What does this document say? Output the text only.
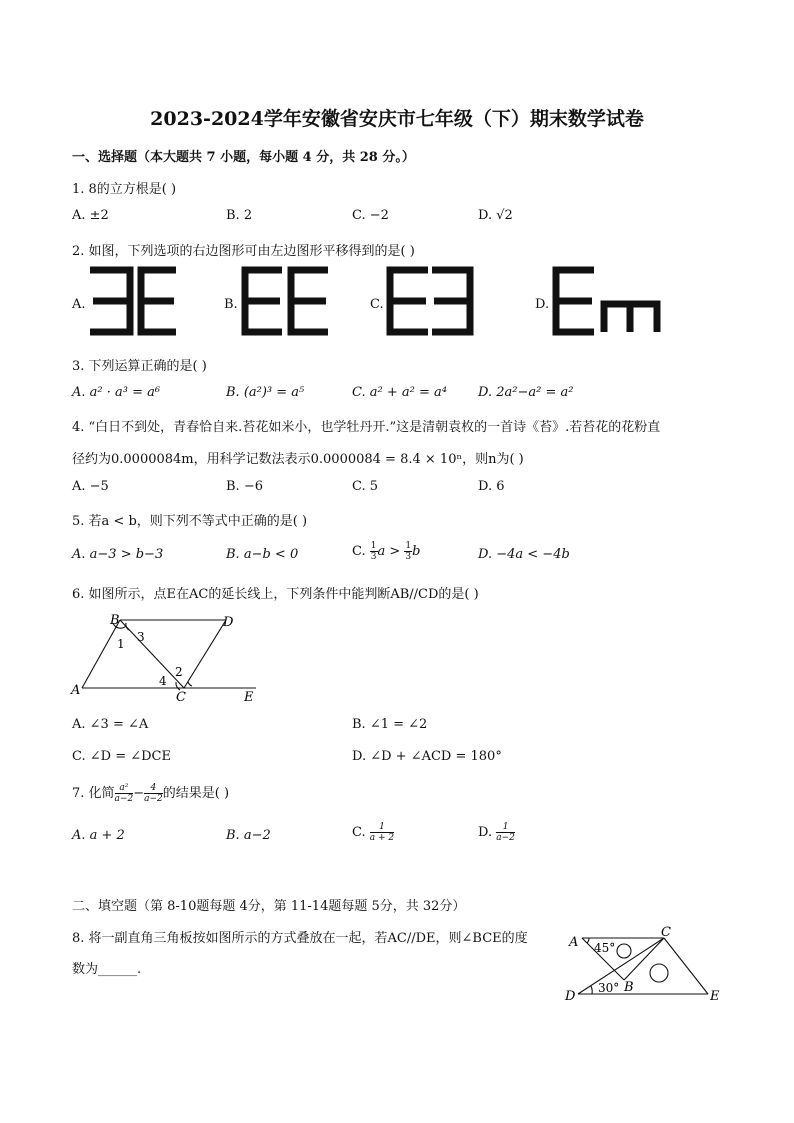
2023-2024学年安徽省安庆市七年级（下）期末数学试卷
一、选择题（本大题共 7 小题，每小题 4 分，共 28 分。）
1. 8的立方根是( )
A. ±2	B. 2	C. −2	D. √2
2. 如图，下列选项的右边图形可由左边图形平移得到的是( )
A.	B.	C.	D.
3. 下列运算正确的是( )
A. a² · a³ = a⁶	B. (a²)³ = a⁵	C. a² + a² = a⁴ D. 2a²−a² = a²
4. “白日不到处，青春恰自来.苔花如米小，也学牡丹开.”这是清朝袁枚的一首诗《苔》.若苔花的花粉直
径约为0.0000084m，用科学记数法表示0.0000084 = 8.4 × 10ⁿ，则n为( )
A. −5	B. −6	C. 5	D. 6
5. 若a < b，则下列不等式中正确的是( )
A. a−3 > b−3	B. a−b < 0	C. $\frac{1}{3}$ $a > \frac{1}{3}$ b	D. −4a < −4b
6. 如图所示，点E在AC的延长线上，下列条件中能判断AB//CD的是( )
B	D
A	C	E
1 3
2
4
A. ∠3 = ∠A	B. ∠1 = ∠2
C. ∠D = ∠DCE	D. ∠D + ∠ACD = 180°
7. 化简 $\frac{\text{a²}}{a-2} - \frac{4}{a-2}$ 的结果是( )
A. a + 2	B. a−2	C. $\frac{1}{a + 2}$	D. $\frac{1}{a-2}$
二、填空题（第 8-10题每题 4分，第 11-14题每题 5分，共 32分）
8. 将一副直角三角板按如图所示的方式叠放在一起，若AC//DE，则∠BCE的度
数为______.
A
C
D
B
E
45°
30°
